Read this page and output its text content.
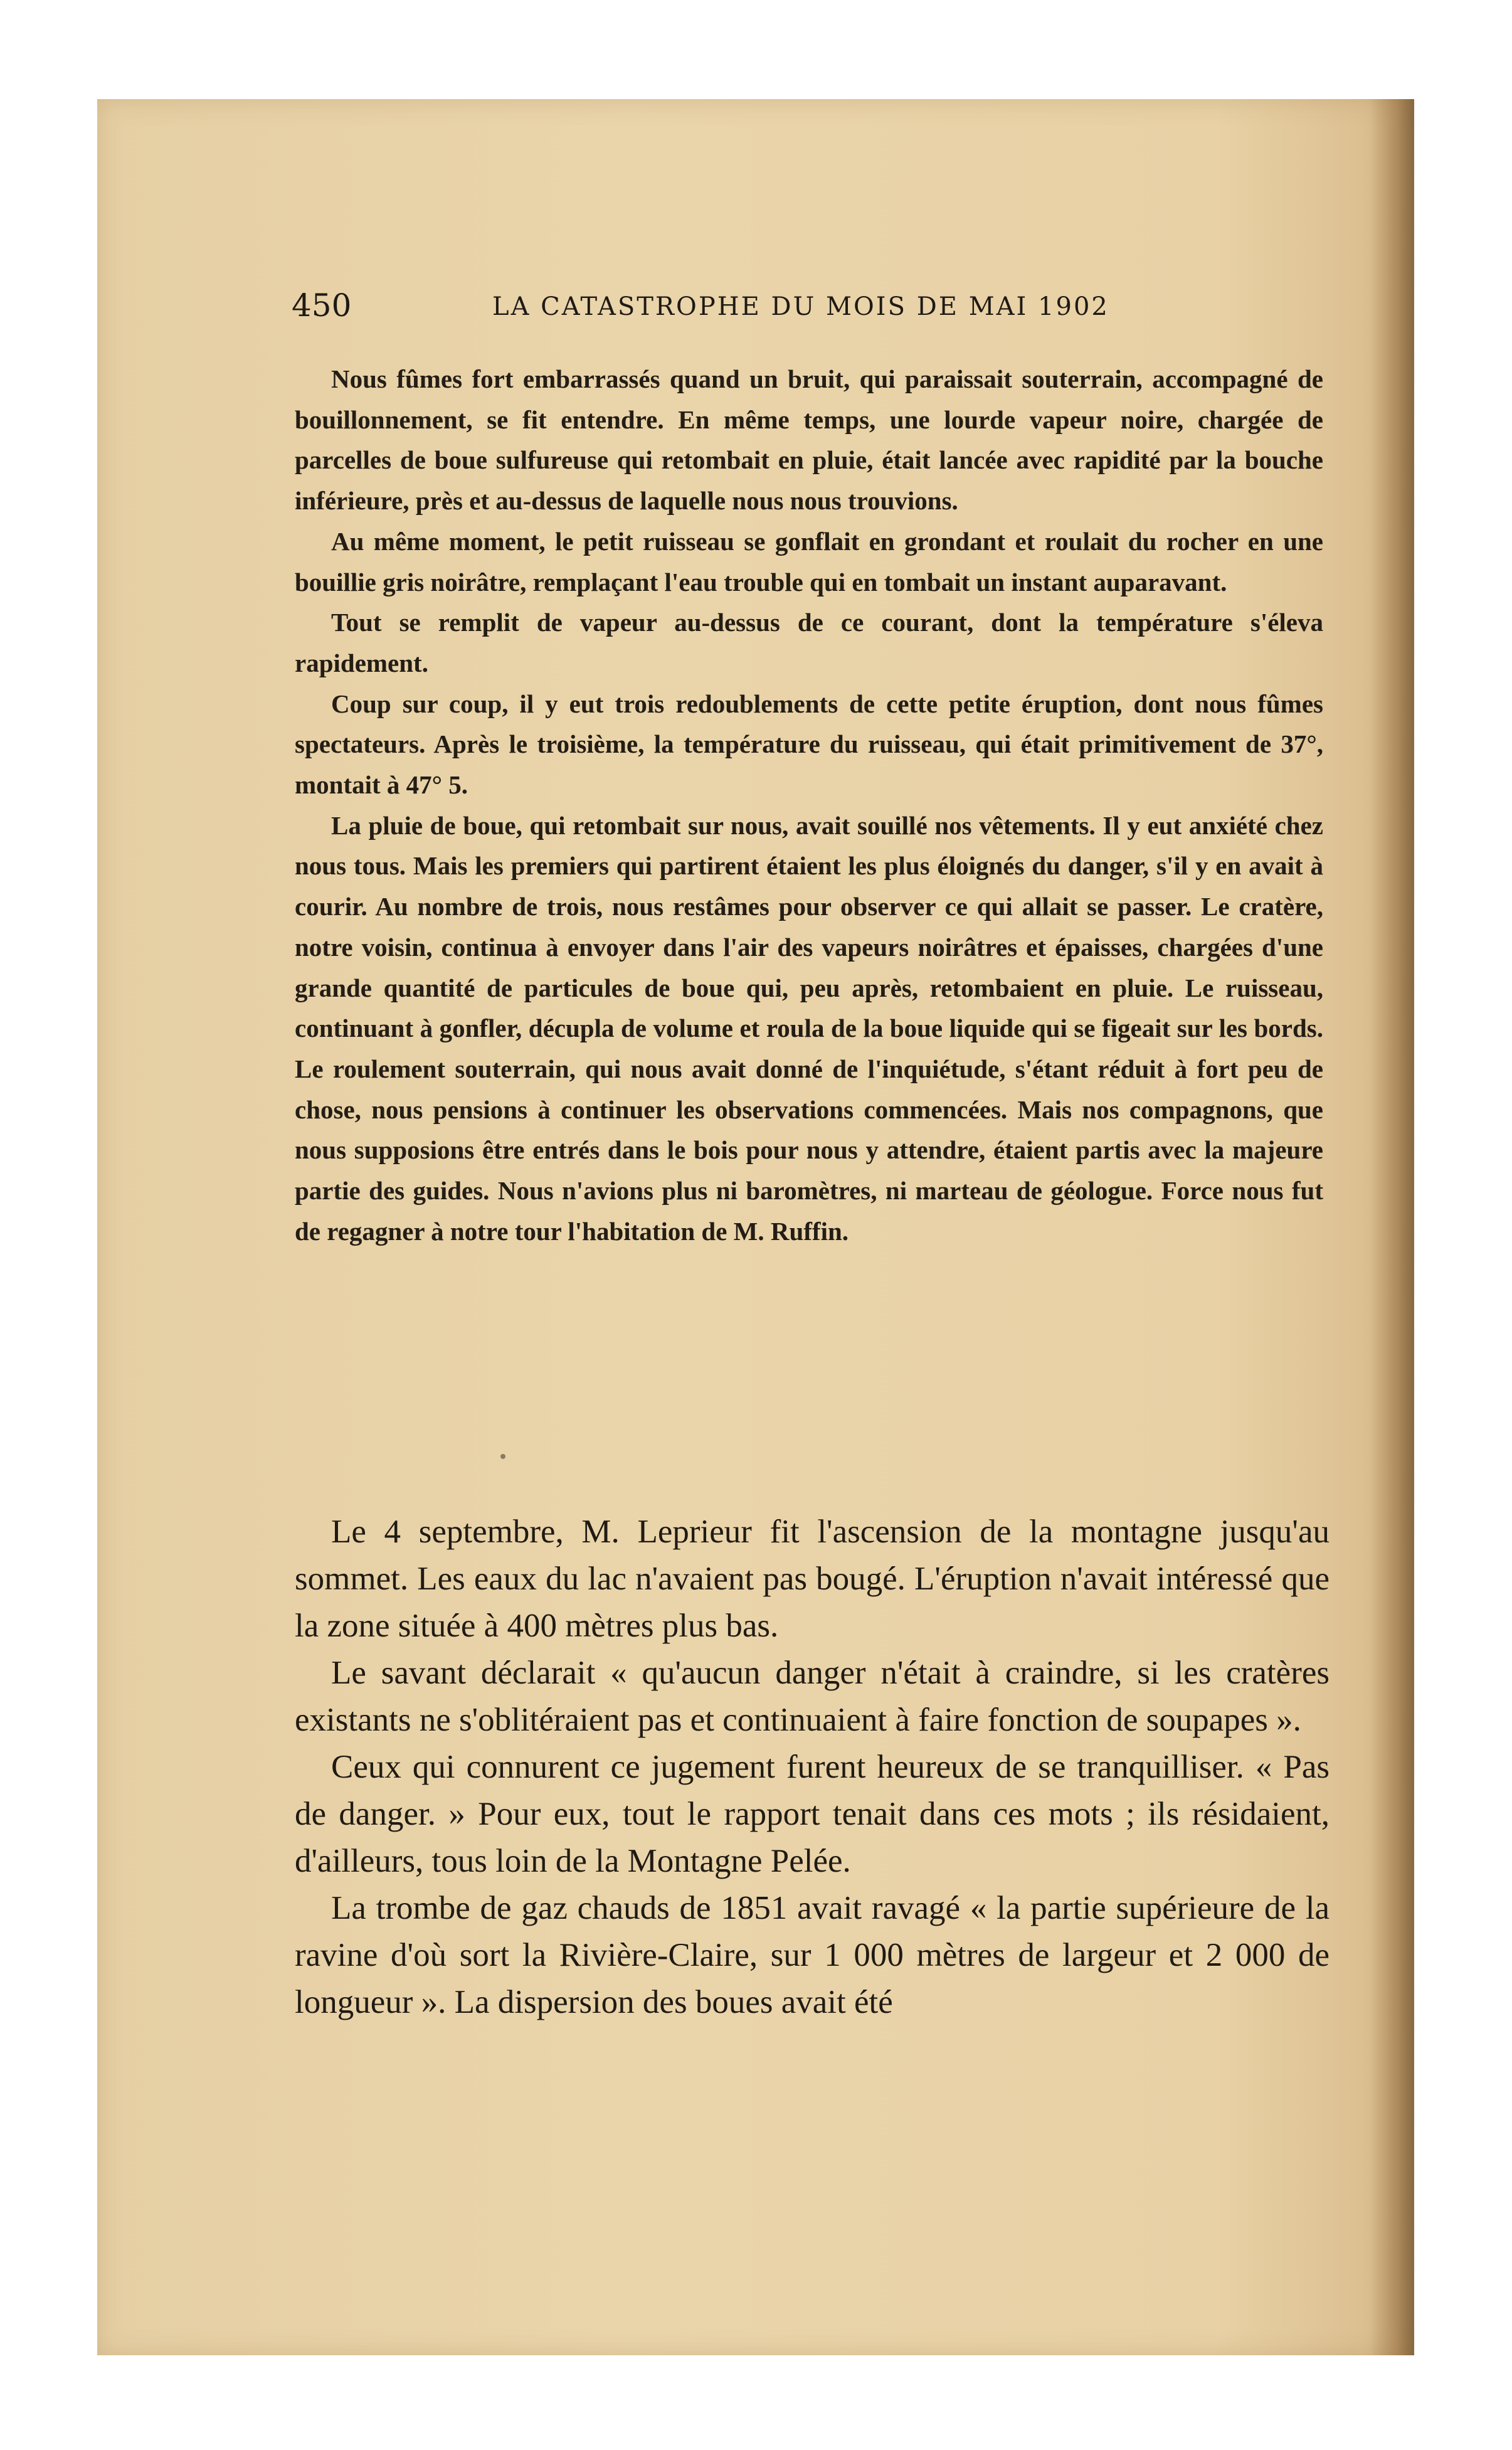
450	LA CATASTROPHE DU MOIS DE MAI 1902

Nous fûmes fort embarrassés quand un bruit, qui paraissait souterrain, accompagné de bouillonnement, se fit entendre. En même temps, une lourde vapeur noire, chargée de parcelles de boue sulfureuse qui retombait en pluie, était lancée avec rapidité par la bouche inférieure, près et au-dessus de laquelle nous nous trouvions.

Au même moment, le petit ruisseau se gonflait en grondant et roulait du rocher en une bouillie gris noirâtre, remplaçant l'eau trouble qui en tombait un instant auparavant.

Tout se remplit de vapeur au-dessus de ce courant, dont la température s'éleva rapidement.

Coup sur coup, il y eut trois redoublements de cette petite éruption, dont nous fûmes spectateurs. Après le troisième, la température du ruisseau, qui était primitivement de 37°, montait à 47° 5.

La pluie de boue, qui retombait sur nous, avait souillé nos vêtements. Il y eut anxiété chez nous tous. Mais les premiers qui partirent étaient les plus éloignés du danger, s'il y en avait à courir. Au nombre de trois, nous restâmes pour observer ce qui allait se passer. Le cratère, notre voisin, continua à envoyer dans l'air des vapeurs noirâtres et épaisses, chargées d'une grande quantité de particules de boue qui, peu après, retombaient en pluie. Le ruisseau, continuant à gonfler, décupla de volume et roula de la boue liquide qui se figeait sur les bords. Le roulement souterrain, qui nous avait donné de l'inquiétude, s'étant réduit à fort peu de chose, nous pensions à continuer les observations commencées. Mais nos compagnons, que nous supposions être entrés dans le bois pour nous y attendre, étaient partis avec la majeure partie des guides. Nous n'avions plus ni baromètres, ni marteau de géologue. Force nous fut de regagner à notre tour l'habitation de M. Ruffin.

Le 4 septembre, M. Leprieur fit l'ascension de la montagne jusqu'au sommet. Les eaux du lac n'avaient pas bougé. L'éruption n'avait intéressé que la zone située à 400 mètres plus bas.

Le savant déclarait « qu'aucun danger n'était à craindre, si les cratères existants ne s'oblitéraient pas et continuaient à faire fonction de soupapes ».

Ceux qui connurent ce jugement furent heureux de se tranquilliser. « Pas de danger. » Pour eux, tout le rapport tenait dans ces mots ; ils résidaient, d'ailleurs, tous loin de la Montagne Pelée.

La trombe de gaz chauds de 1851 avait ravagé « la partie supérieure de la ravine d'où sort la Rivière-Claire, sur 1 000 mètres de largeur et 2 000 de longueur ». La dispersion des boues avait été
